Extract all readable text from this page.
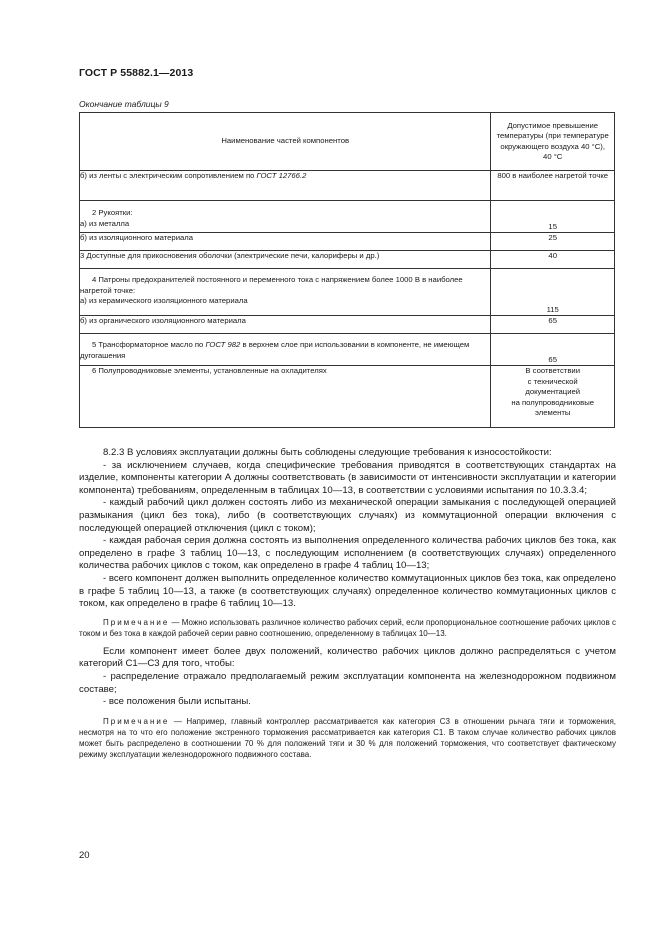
ГОСТ Р 55882.1—2013
Окончание таблицы 9
Наименование частей компонентов	Допустимое превышение температуры (при температуре окружающего воздуха 40 °С), 40 °С
б) из ленты с электрическим сопротивлением по ГОСТ 12766.2	800 в наиболее нагретой точке

2 Рукоятки:
а) из металла	15
б) из изоляционного материала	25
3 Доступные для прикосновения оболочки (электрические печи, калориферы и др.)	40

4 Патроны предохранителей постоянного и переменного тока с напряжением более 1000 В в наиболее нагретой точке:
а) из керамического изоляционного материала	115
б) из органического изоляционного материала	65
5 Трансформаторное масло по ГОСТ 982 в верхнем слое при использовании в компоненте, не имеющем дугогашения	65
6 Полупроводниковые элементы, установленные на охладителях	В соответствии
с технической
документацией
на полупроводниковые
элементы

8.2.3 В условиях эксплуатации должны быть соблюдены следующие требования к износостойкости:

- за исключением случаев, когда специфические требования приводятся в соответствующих стандартах на изделие, компоненты категории А должны соответствовать (в зависимости от интенсивности эксплуатации и категории компонента) требованиям, определенным в таблицах 10—13, в соответствии с условиями испытания по 10.3.3.4;

- каждый рабочий цикл должен состоять либо из механической операции замыкания с последующей операцией размыкания (цикл без тока), либо (в соответствующих случаях) из коммутационной операции включения с последующей операцией отключения (цикл с током);

- каждая рабочая серия должна состоять из выполнения определенного количества рабочих циклов без тока, как определено в графе 3 таблиц 10—13, с последующим исполнением (в соответствующих случаях) определенного количества рабочих циклов с током, как определено в графе 4 таблиц 10—13;

- всего компонент должен выполнить определенное количество коммутационных циклов без тока, как определено в графе 5 таблиц 10—13, а также (в соответствующих случаях) определенное количество коммутационных циклов с током, как определено в графе 6 таблиц 10—13.

Примечание — Можно использовать различное количество рабочих серий, если пропорциональное соотношение рабочих циклов с током и без тока в каждой рабочей серии равно соотношению, определенному в таблицах 10—13.

Если компонент имеет более двух положений, количество рабочих циклов должно распределяться с учетом категорий С1—С3 для того, чтобы:

- распределение отражало предполагаемый режим эксплуатации компонента на железнодорожном подвижном составе;

- все положения были испытаны.

Примечание — Например, главный контроллер рассматривается как категория С3 в отношении рычага тяги и торможения, несмотря на то что его положение экстренного торможения рассматривается как категория С1. В таком случае количество рабочих циклов может быть распределено в соотношении 70 % для положений тяги и 30 % для положений торможения, что соответствует фактическому режиму эксплуатации железнодорожного подвижного состава.

20
